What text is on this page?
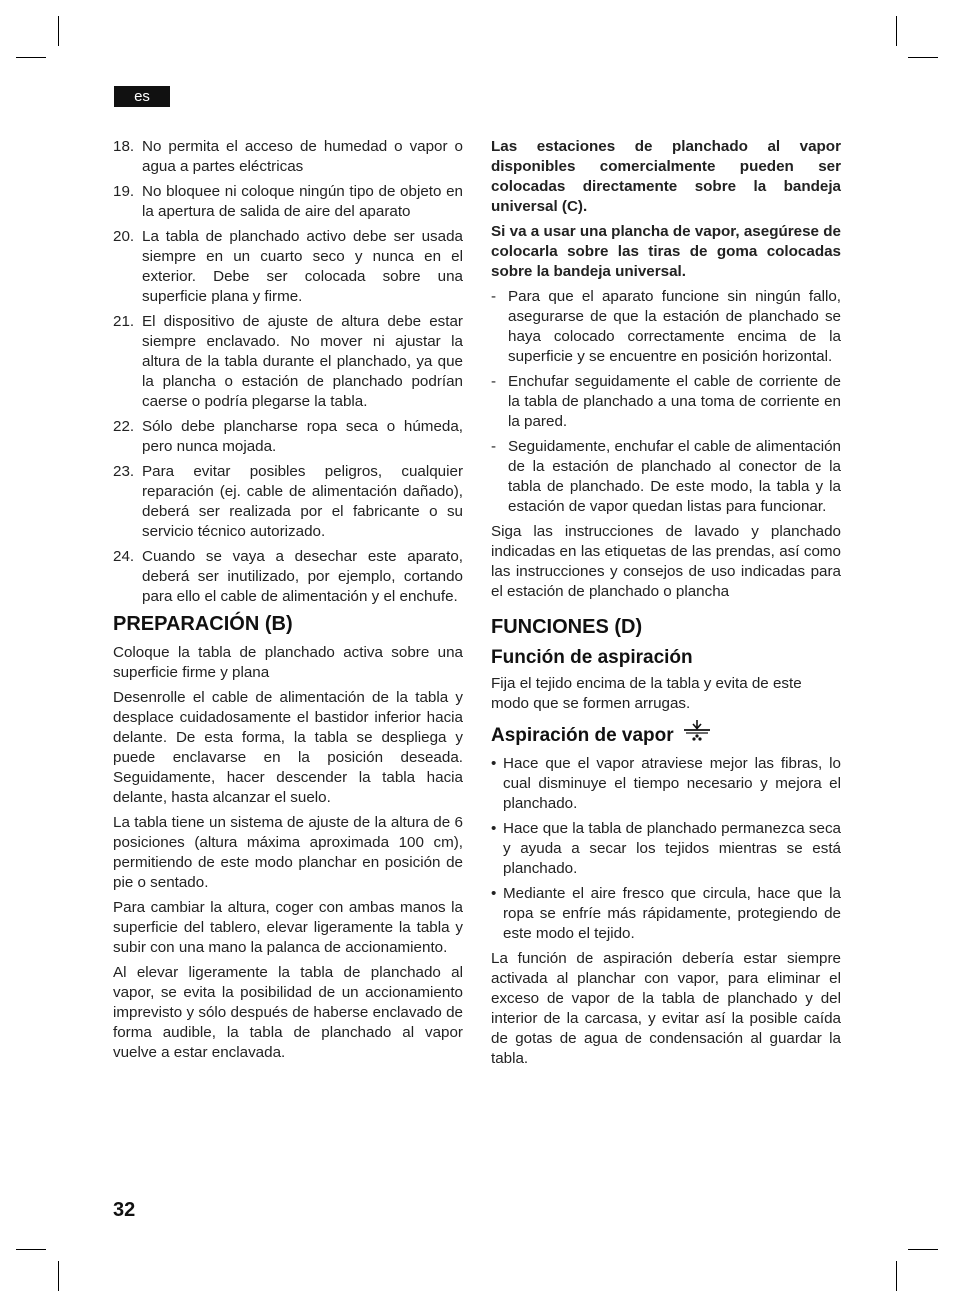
es
18. No permita el acceso de humedad o vapor o agua a partes eléctricas
19. No bloquee ni coloque ningún tipo de objeto en la apertura de salida de aire del aparato
20. La tabla de planchado activo debe ser usada siempre en un cuarto seco y nunca en el exterior. Debe ser colocada sobre una superficie plana y firme.
21. El dispositivo de ajuste de altura debe estar siempre enclavado. No mover ni ajustar la altura de la tabla durante el planchado, ya que la plancha o estación de planchado podrían caerse o podría plegarse la tabla.
22. Sólo debe plancharse ropa seca o húmeda, pero nunca mojada.
23. Para evitar posibles peligros, cualquier reparación (ej. cable de alimentación dañado), deberá ser realizada por el fabricante o su servicio técnico autorizado.
24. Cuando se vaya a desechar este aparato, deberá ser inutilizado, por ejemplo, cortando para ello el cable de alimentación y el enchufe.
PREPARACIÓN (B)

Coloque la tabla de planchado activa sobre una superficie firme y plana

Desenrolle el cable de alimentación de la tabla y desplace cuidadosamente el bastidor inferior hacia delante. De esta forma, la tabla se despliega y puede enclavarse en la posición deseada. Seguidamente, hacer descender la tabla hacia delante, hasta alcanzar el suelo.

La tabla tiene un sistema de ajuste de la altura de 6 posiciones (altura máxima aproximada 100 cm), permitiendo de este modo planchar en posición de pie o sentado.

Para cambiar la altura, coger con ambas manos la superficie del tablero, elevar ligeramente la tabla y subir con una mano la palanca de accionamiento.

Al elevar ligeramente la tabla de planchado al vapor, se evita la posibilidad de un accionamiento imprevisto y sólo después de haberse enclavado de forma audible, la tabla de planchado al vapor vuelve a estar enclavada.

Las estaciones de planchado al vapor disponibles comercialmente pueden ser colocadas directamente sobre la bandeja universal (C).

Si va a usar una plancha de vapor, asegúrese de colocarla sobre las tiras de goma colocadas sobre la bandeja universal.

- Para que el aparato funcione sin ningún fallo, asegurarse de que la estación de planchado se haya colocado correctamente encima de la superficie y se encuentre en posición horizontal.
- Enchufar seguidamente el cable de corriente de la tabla de planchado a una toma de corriente en la pared.
- Seguidamente, enchufar el cable de alimentación de la estación de planchado al conector de la tabla de planchado. De este modo, la tabla y la estación de vapor quedan listas para funcionar.

Siga las instrucciones de lavado y planchado indicadas en las etiquetas de las prendas, así como las instrucciones y consejos de uso indicadas para el estación de planchado o plancha

FUNCIONES (D)
Función de aspiración

Fija el tejido encima de la tabla y evita de este modo que se formen arrugas.

Aspiración de vapor
• Hace que el vapor atraviese mejor las fibras, lo cual disminuye el tiempo necesario y mejora el planchado.
• Hace que la tabla de planchado permanezca seca y ayuda a secar los tejidos mientras se está planchado.
• Mediante el aire fresco que circula, hace que la ropa se enfríe más rápidamente, protegiendo de este modo el tejido.

La función de aspiración debería estar siempre activada al planchar con vapor, para eliminar el exceso de vapor de la tabla de planchado y del interior de la carcasa, y evitar así la posible caída de gotas de agua de condensación al guardar la tabla.

32
